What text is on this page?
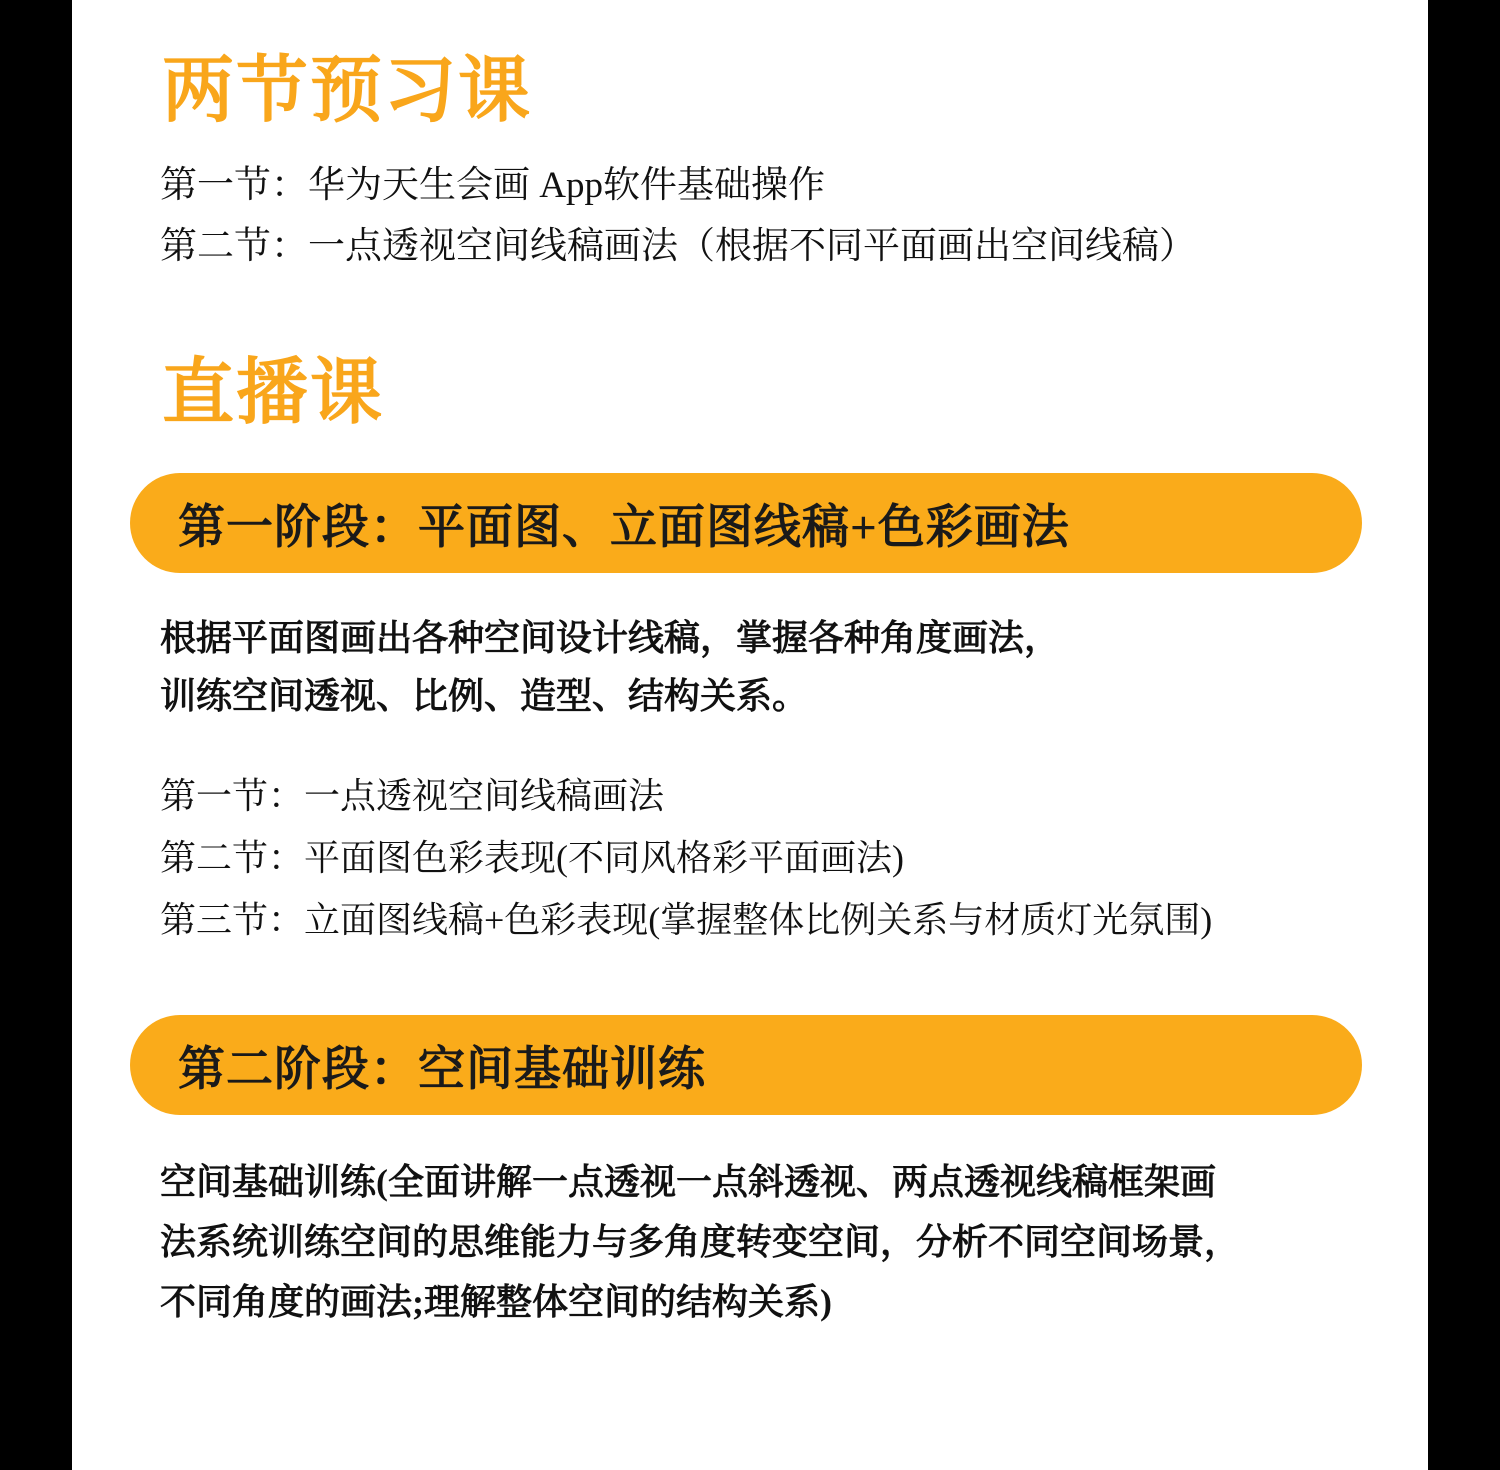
两节预习课
第一节：华为天生会画 App软件基础操作
第二节：一点透视空间线稿画法（根据不同平面画出空间线稿）
直播课
第一阶段：平面图、立面图线稿+色彩画法
根据平面图画出各种空间设计线稿，掌握各种角度画法，
训练空间透视、比例、造型、结构关系。
第一节：一点透视空间线稿画法
第二节：平面图色彩表现(不同风格彩平面画法)
第三节：立面图线稿+色彩表现(掌握整体比例关系与材质灯光氛围)
第二阶段：空间基础训练
空间基础训练(全面讲解一点透视一点斜透视、两点透视线稿框架画
法系统训练空间的思维能力与多角度转变空间，分析不同空间场景，
不同角度的画法;理解整体空间的结构关系)
